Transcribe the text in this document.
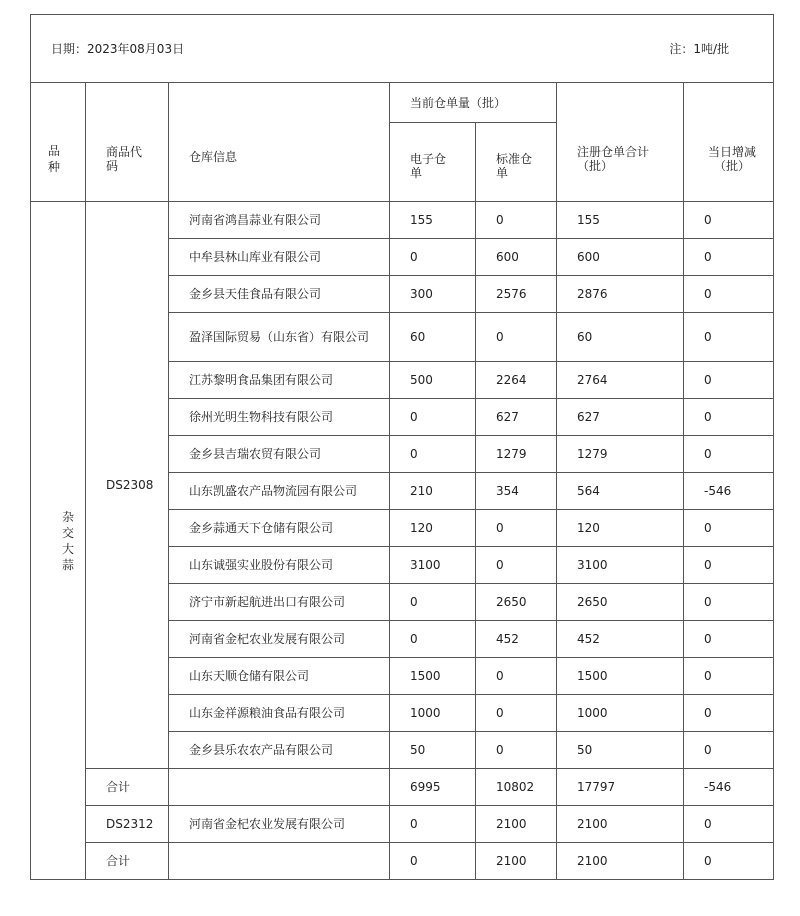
日期：2023年08月03日 注：1吨/批						

品种	商品代码	仓库信息	当前仓单量（批）		注册仓单合计（批）	当日增减（批）
			电子仓单	标准仓单		
杂交大蒜	DS2308	河南省鸿昌蒜业有限公司	155	0	155	0
		中牟县林山库业有限公司	0	600	600	0
		金乡县天佳食品有限公司	300	2576	2876	0
		盈泽国际贸易（山东省）有限公司	60	0	60	0
		江苏黎明食品集团有限公司	500	2264	2764	0
		徐州光明生物科技有限公司	0	627	627	0
		金乡县吉瑞农贸有限公司	0	1279	1279	0
		山东凯盛农产品物流园有限公司	210	354	564	-546
		金乡蒜通天下仓储有限公司	120	0	120	0
		山东诚强实业股份有限公司	3100	0	3100	0
		济宁市新起航进出口有限公司	0	2650	2650	0
		河南省金杞农业发展有限公司	0	452	452	0
		山东天顺仓储有限公司	1500	0	1500	0
		山东金祥源粮油食品有限公司	1000	0	1000	0
		金乡县乐农农产品有限公司	50	0	50	0
	合计		6995	10802	17797	-546
	DS2312	河南省金杞农业发展有限公司	0	2100	2100	0
	合计		0	2100	2100	0
